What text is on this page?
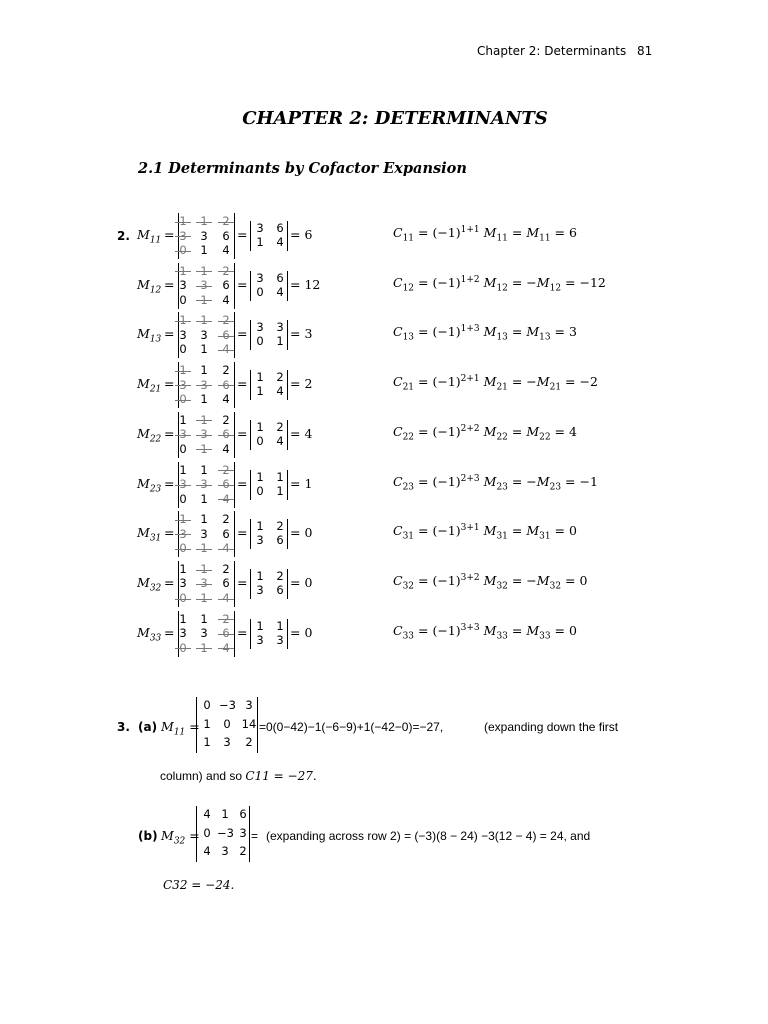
Chapter 2: Determinants 81
CHAPTER 2: DETERMINANTS
2.1 Determinants by Cofactor Expansion
2. $M_{11}$ =
1 1 2
3 3 6
0 1 4
= 3 6
1 4 = 6	$C_{11} = (-1)^{1+1}$ $M_{11} = M_{11} = 6$
$M_{12}$ =
1 1 2
3 3 6
0 1 4
= 3 6
0 4 = 12	$C_{12} = (-1)^{1+2}$ $M_{12} = -M_{12} = -12$
$M_{13}$ =
1 1 2
3 3 6
0 1 4
= 3 3
0 1 = 3	$C_{13} = (-1)^{1+3}$ $M_{13} = M_{13} = 3$
$M_{21}$ =
1 1 2
3 3 6
0 1 4
= 1 2
1 4 = 2	$C_{21} = (-1)^{2+1}$ $M_{21} = -M_{21} = -2$
$M_{22}$ =
1 1 2
3 3 6
0 1 4
= 1 2
0 4 = 4	$C_{22} = (-1)^{2+2}$ $M_{22} = M_{22} = 4$
$M_{23}$ =
1 1 2
3 3 6
0 1 4
= 1 1
0 1 = 1	$C_{23} = (-1)^{2+3}$ $M_{23} = -M_{23} = -1$
$M_{31}$ =
1 1 2
3 3 6
0 1 4
= 1 2
3 6 = 0	$C_{31} = (-1)^{3+1}$ $M_{31} = M_{31} = 0$
$M_{32}$ =
1 1 2
3 3 6
0 1 4
= 1 2
3 6 = 0	$C_{32} = (-1)^{3+2}$ $M_{32} = -M_{32} = 0$
$M_{33}$ =
1 1 2
3 3 6
0 1 4
= 1 1
3 3 = 0	$C_{33} = (-1)^{3+3}$ $M_{33} = M_{33} = 0$
3. (a) $M_{11}$ =
0 −3 3
1	0 14
1	3	2
=0(0−42)−1(−6−9)+1(−42−0)=−27,	(expanding down the first
column) and so C11 = −27.
(b) $M_{32}$ =
4 1 6
0 −3 3
4 3 2
= (expanding across row 2) = (−3)(8 − 24) −3(12 − 4) = 24, and
C32 = −24.
